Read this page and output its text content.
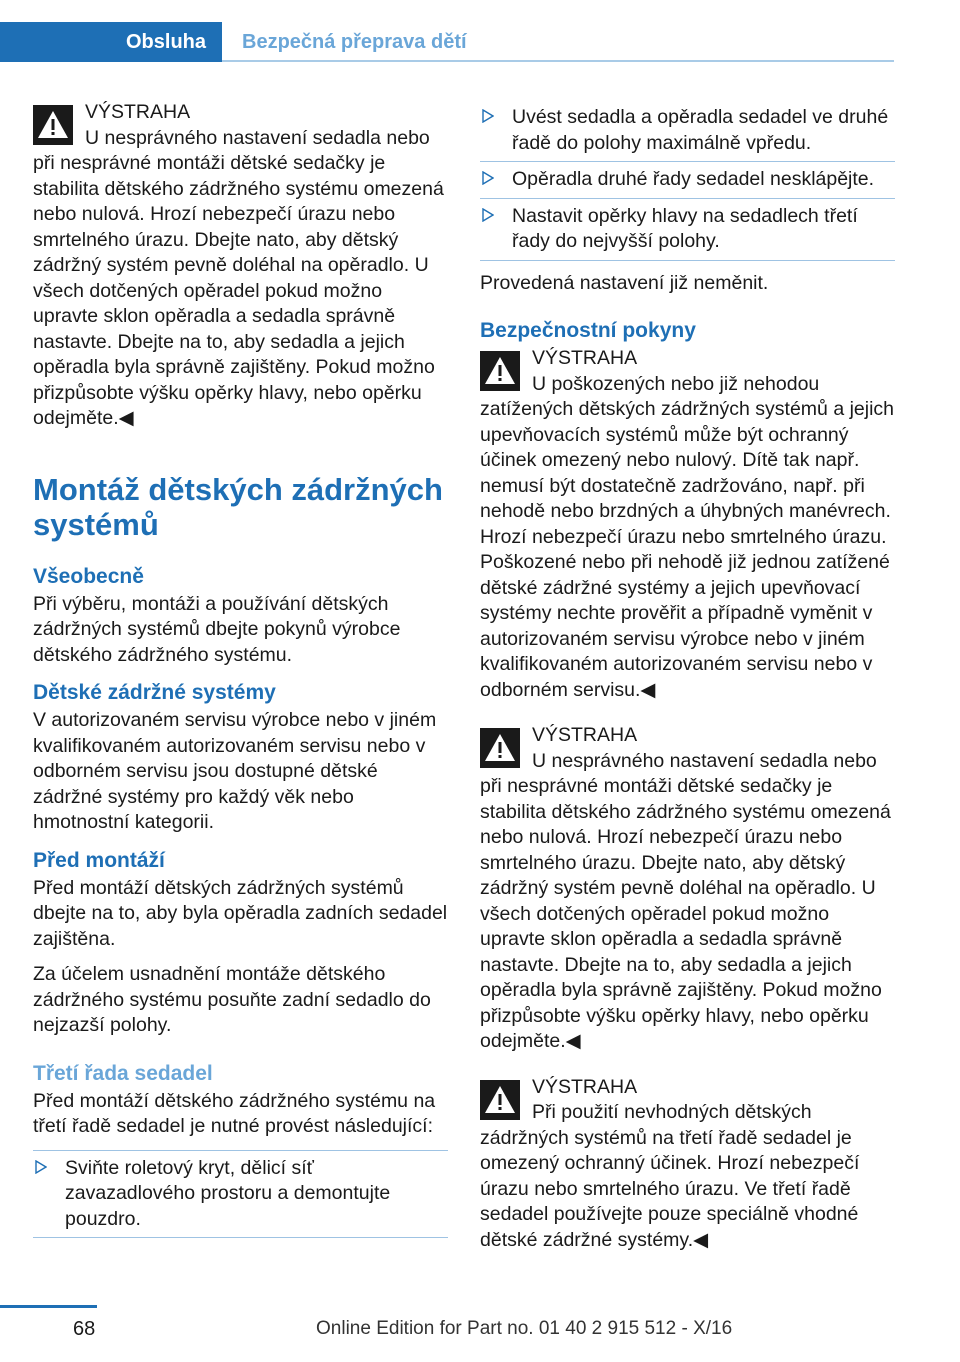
Obsluha	Bezpečná přeprava dětí
VÝSTRAHA

U nesprávného nastavení sedadla nebo při nesprávné montáži dětské sedačky je stabilita dětského zádržného systému omezená nebo nulová. Hrozí nebezpečí úrazu nebo smrtelného úrazu. Dbejte nato, aby dětský zádržný systém pevně doléhal na opěradlo. U všech dotčených opěradel pokud možno upravte sklon opěradla a sedadla správně nastavte. Dbejte na to, aby sedadla a jejich opěradla byla správně zajištěny. Pokud možno přizpůsobte výšku opěrky hlavy, nebo opěrku odejměte.◀

Montáž dětských zádržných systémů
Všeobecně

Při výběru, montáži a používání dětských zádržných systémů dbejte pokynů výrobce dětského zádržného systému.

Dětské zádržné systémy

V autorizovaném servisu výrobce nebo v jiném kvalifikovaném autorizovaném servisu nebo v odborném servisu jsou dostupné dětské zádržné systémy pro každý věk nebo hmotnostní kategorii.

Před montáží

Před montáží dětských zádržných systémů dbejte na to, aby byla opěradla zadních sedadel zajištěna.

Za účelem usnadnění montáže dětského zádržného systému posuňte zadní sedadlo do nejzazší polohy.

Třetí řada sedadel

Před montáží dětského zádržného systému na třetí řadě sedadel je nutné provést následující:

Sviňte roletový kryt, dělicí síť zavazadlového prostoru a demontujte pouzdro.
Uvést sedadla a opěradla sedadel ve druhé řadě do polohy maximálně vpředu.
Opěradla druhé řady sedadel nesklápějte.
Nastavit opěrky hlavy na sedadlech třetí řady do nejvyšší polohy.

Provedená nastavení již neměnit.

Bezpečnostní pokyny
VÝSTRAHA

U poškozených nebo již nehodou zatížených dětských zádržných systémů a jejich upevňovacích systémů může být ochranný účinek omezený nebo nulový. Dítě tak např. nemusí být dostatečně zadržováno, např. při nehodě nebo brzdných a úhybných manévrech. Hrozí nebezpečí úrazu nebo smrtelného úrazu. Poškozené nebo při nehodě již jednou zatížené dětské zádržné systémy a jejich upevňovací systémy nechte prověřit a případně vyměnit v autorizovaném servisu výrobce nebo v jiném kvalifikovaném autorizovaném servisu nebo v odborném servisu.◀

VÝSTRAHA

U nesprávného nastavení sedadla nebo při nesprávné montáži dětské sedačky je stabilita dětského zádržného systému omezená nebo nulová. Hrozí nebezpečí úrazu nebo smrtelného úrazu. Dbejte nato, aby dětský zádržný systém pevně doléhal na opěradlo. U všech dotčených opěradel pokud možno upravte sklon opěradla a sedadla správně nastavte. Dbejte na to, aby sedadla a jejich opěradla byla správně zajištěny. Pokud možno přizpůsobte výšku opěrky hlavy, nebo opěrku odejměte.◀

VÝSTRAHA

Při použití nevhodných dětských zádržných systémů na třetí řadě sedadel je omezený ochranný účinek. Hrozí nebezpečí úrazu nebo smrtelného úrazu. Ve třetí řadě sedadel používejte pouze speciálně vhodné dětské zádržné systémy.◀

68	Online Edition for Part no. 01 40 2 915 512 - X/16
